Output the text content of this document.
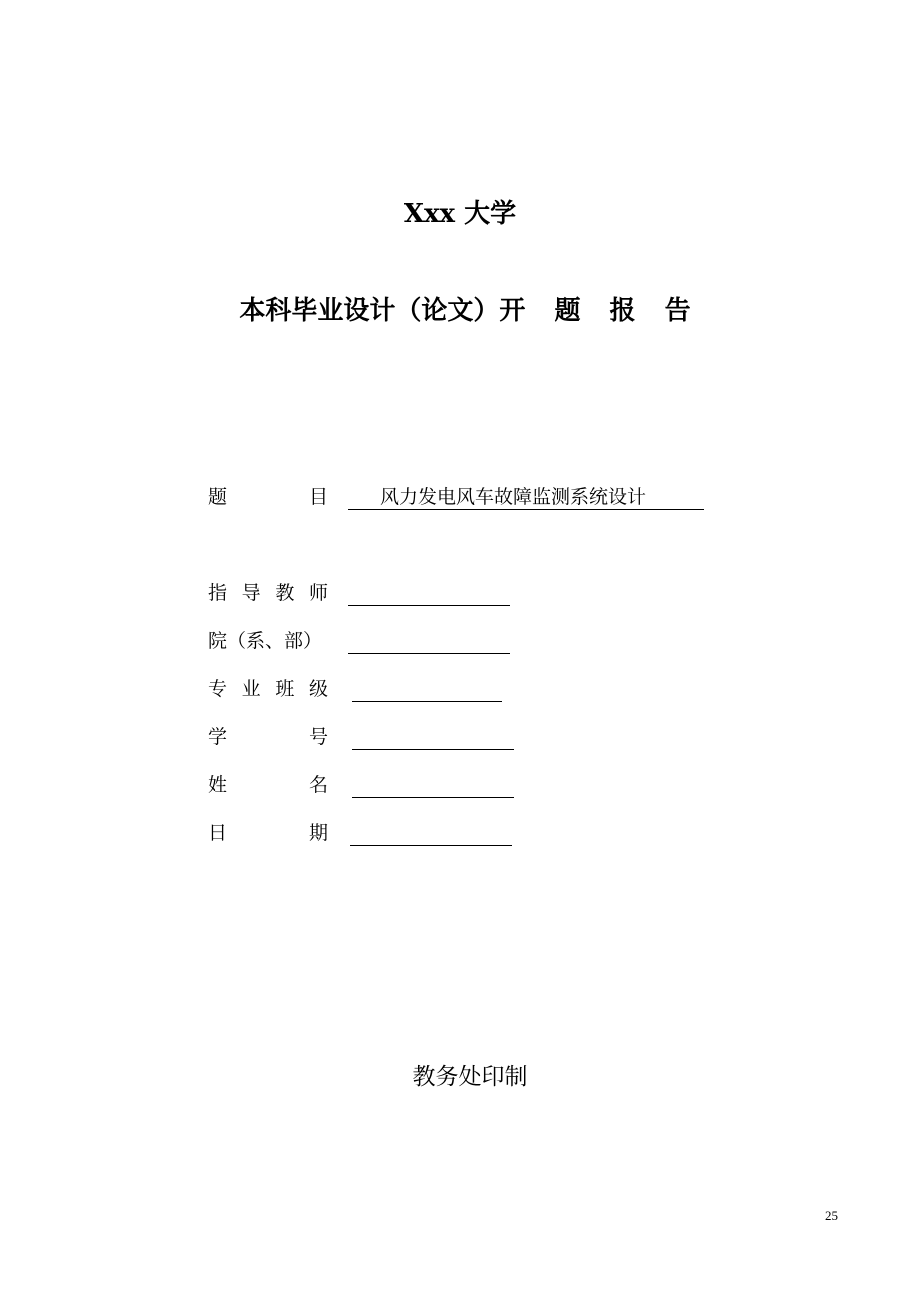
Xxx 大学
本科毕业设计（论文）开 题 报 告
题	目	风力发电风车故障监测系统设计
指 导 教 师
院 （系、部）
专 业 班 级
学	号
姓	名
日	期
教务处印制
25
